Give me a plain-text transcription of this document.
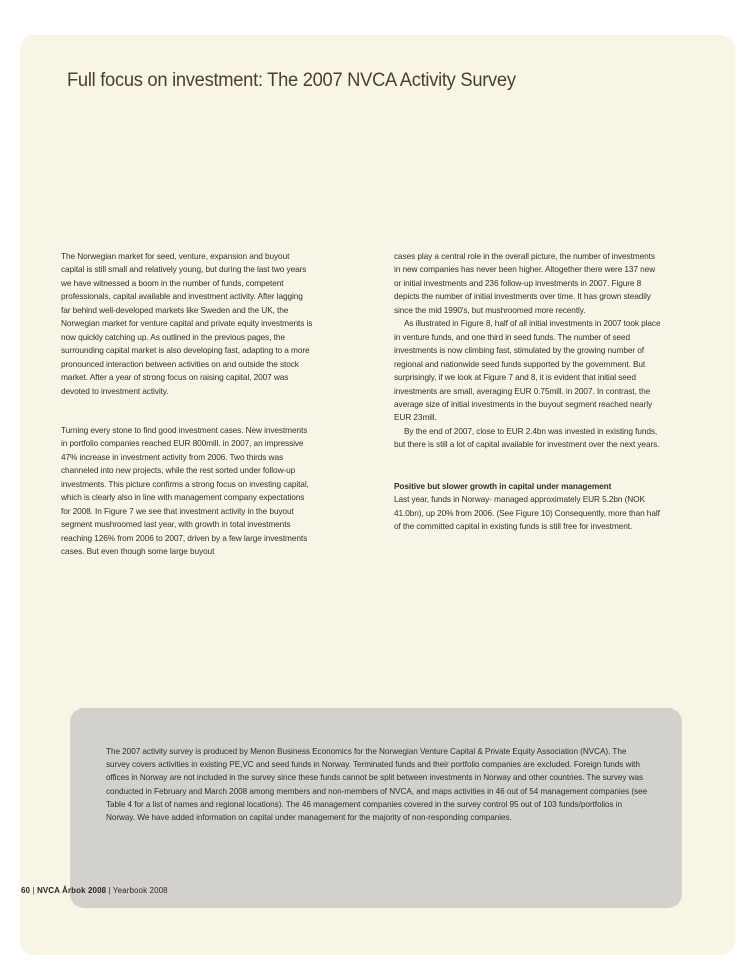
Full focus on investment: The 2007 NVCA Activity Survey

The Norwegian market for seed, venture, expansion and buyout capital is still small and relatively young, but during the last two years we have witnessed a boom in the number of funds, competent professionals, capital available and investment activity. After lagging far behind well-developed markets like Sweden and the UK, the Norwegian market for venture capital and private equity investments is now quickly catching up. As outlined in the previous pages, the surrounding capital market is also developing fast, adapting to a more pronounced interaction between activities on and outside the stock market. After a year of strong focus on raising capital, 2007 was devoted to investment activity.

Turning every stone to find good investment cases. New investments in portfolio companies reached EUR 800mill. in 2007, an impressive 47% increase in investment activity from 2006. Two thirds was channeled into new projects, while the rest sorted under follow-up investments. This picture confirms a strong focus on investing capital, which is clearly also in line with management company expectations for 2008. In Figure 7 we see that investment activity in the buyout segment mushroomed last year, with growth in total investments reaching 126% from 2006 to 2007, driven by a few large investments cases. But even though some large buyout

cases play a central role in the overall picture, the number of investments in new companies has never been higher. Altogether there were 137 new or initial investments and 236 follow-up investments in 2007. Figure 8 depicts the number of initial investments over time. It has grown steadily since the mid 1990's, but mushroomed more recently.

As illustrated in Figure 8, half of all initial investments in 2007 took place in venture funds, and one third in seed funds. The number of seed investments is now climbing fast, stimulated by the growing number of regional and nationwide seed funds supported by the government. But surprisingly, if we look at Figure 7 and 8, it is evident that initial seed investments are small, averaging EUR 0.75mill. in 2007. In contrast, the average size of initial investments in the buyout segment reached nearly EUR 23mill.

By the end of 2007, close to EUR 2.4bn was invested in existing funds, but there is still a lot of capital available for investment over the next years.

Positive but slower growth in capital under management

Last year, funds in Norway- managed approximately EUR 5.2bn (NOK 41.0bn), up 20% from 2006. (See Figure 10) Consequently, more than half of the committed capital in existing funds is still free for investment.

The 2007 activity survey is produced by Menon Business Economics for the Norwegian Venture Capital & Private Equity Association (NVCA). The survey covers activities in existing PE,VC and seed funds in Norway. Terminated funds and their portfolio companies are excluded. Foreign funds with offices in Norway are not included in the survey since these funds cannot be split between investments in Norway and other countries. The survey was conducted in February and March 2008 among members and non-members of NVCA, and maps activities in 46 out of 54 management companies (see Table 4 for a list of names and regional locations). The 46 management companies covered in the survey control 95 out of 103 funds/portfolios in Norway. We have added information on capital under management for the majority of non-responding companies.

60 | NVCA Årbok 2008 | Yearbook 2008
